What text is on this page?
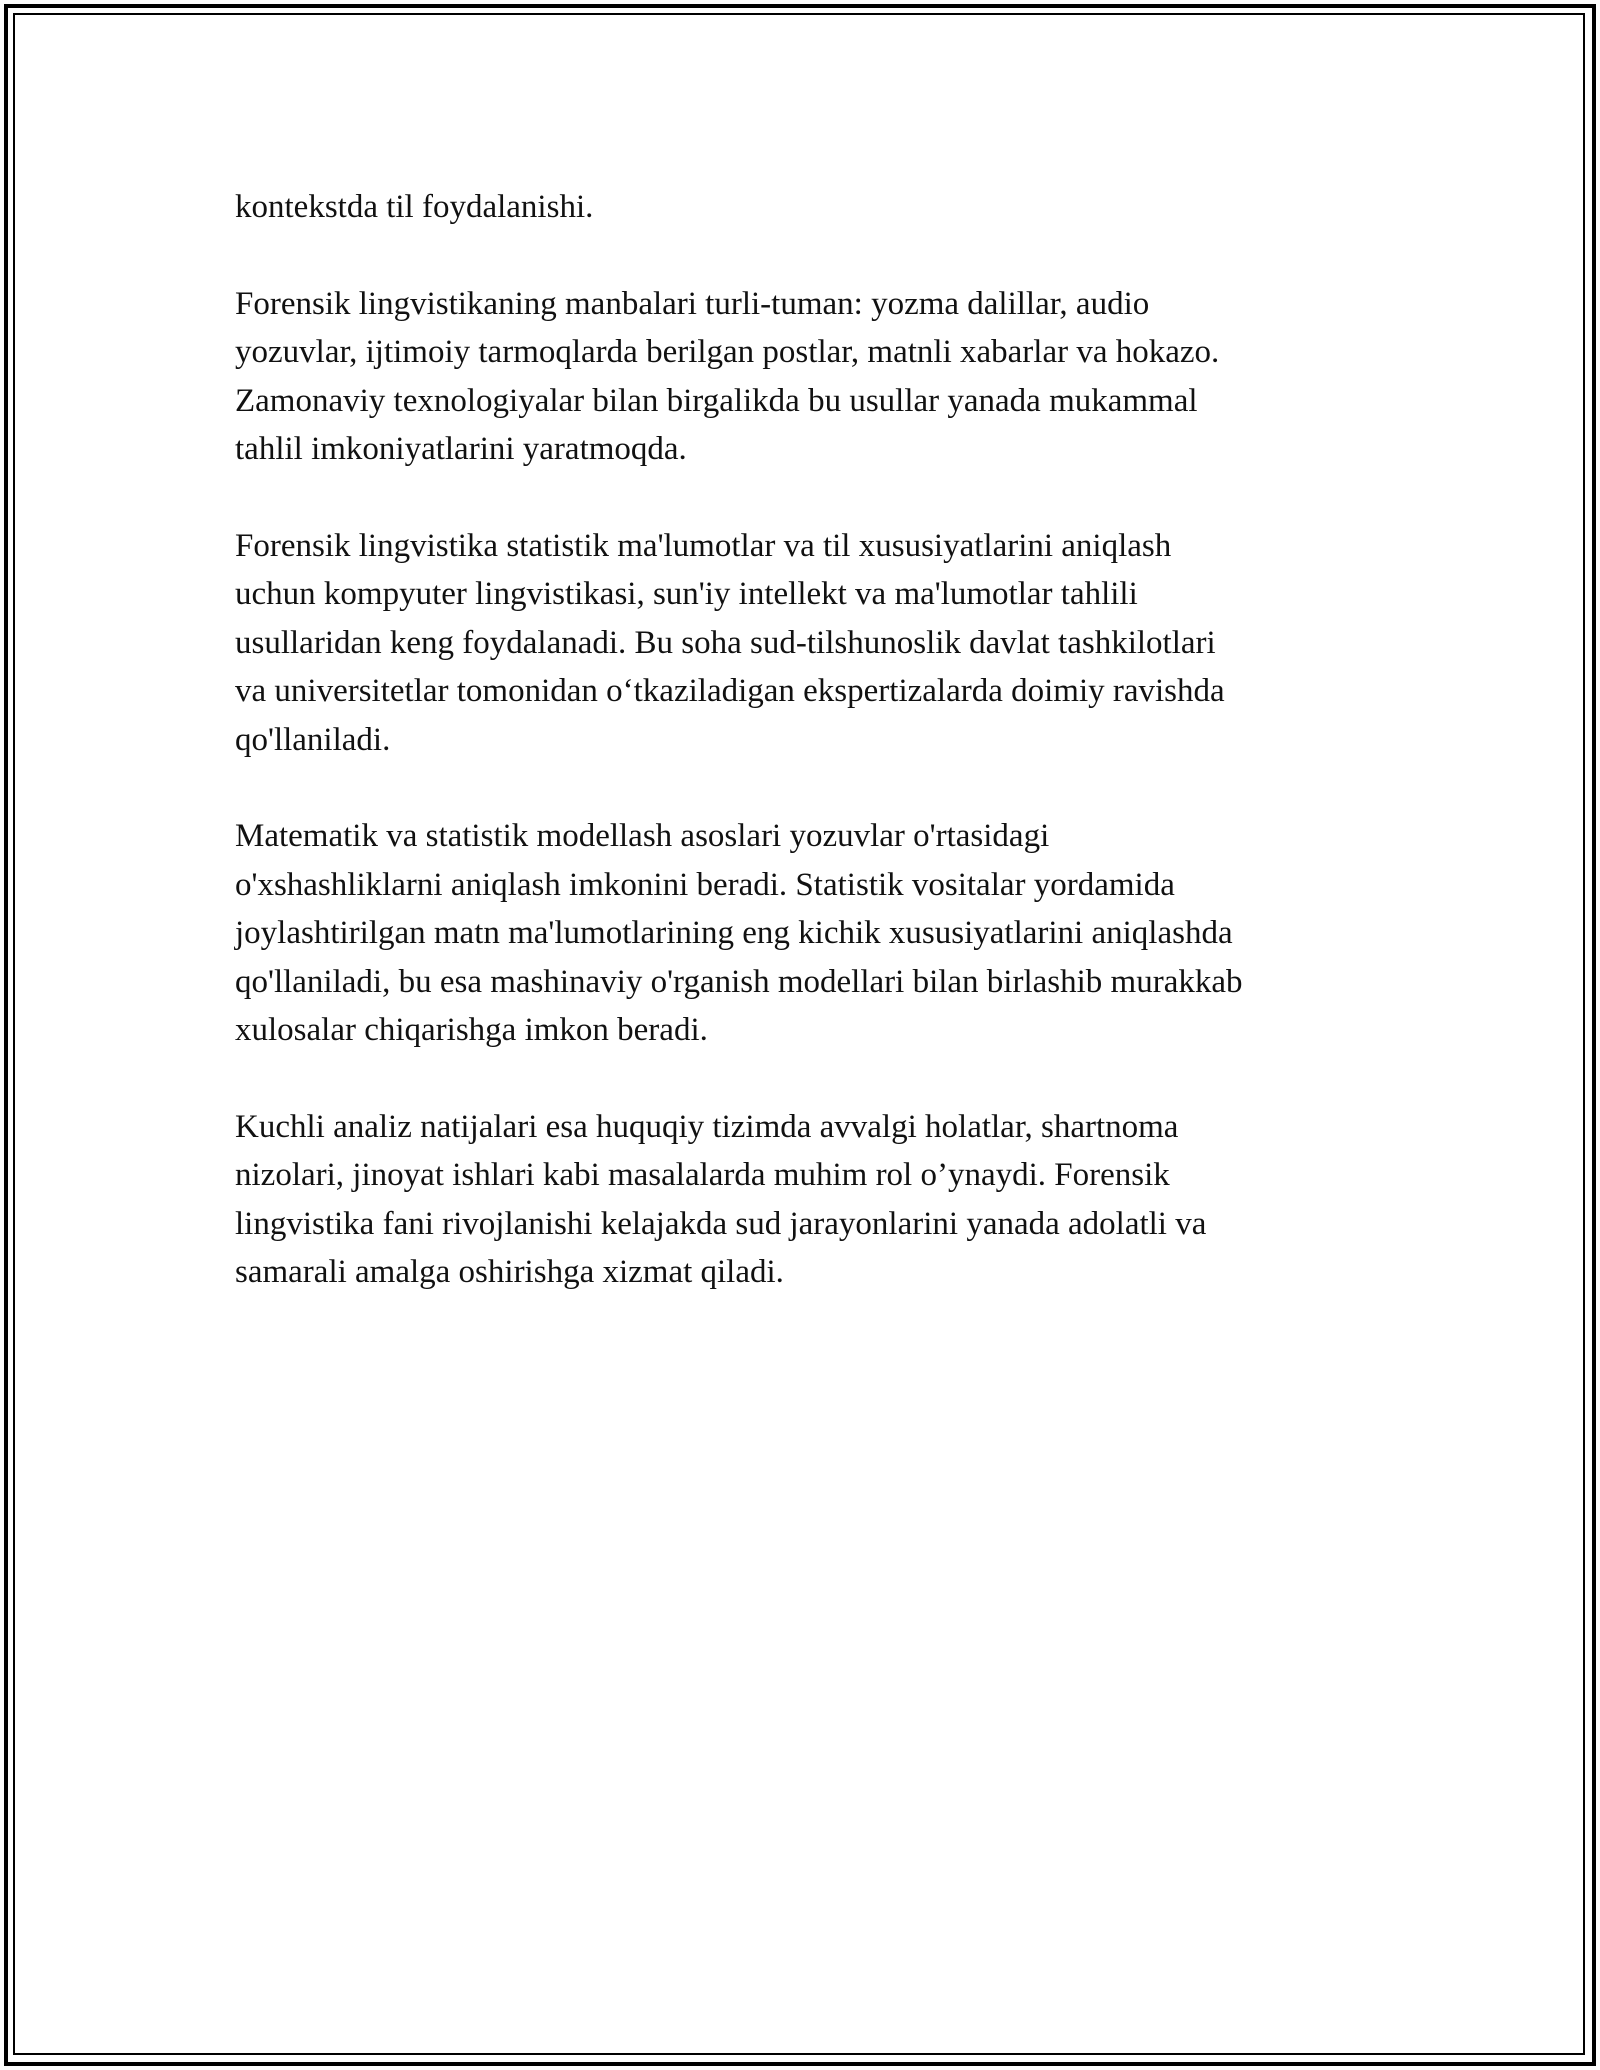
kontekstda til foydalanishi.

Forensik lingvistikaning manbalari turli-tuman: yozma dalillar, audio
yozuvlar, ijtimoiy tarmoqlarda berilgan postlar, matnli xabarlar va hokazo.
Zamonaviy texnologiyalar bilan birgalikda bu usullar yanada mukammal
tahlil imkoniyatlarini yaratmoqda.

Forensik lingvistika statistik ma'lumotlar va til xususiyatlarini aniqlash
uchun kompyuter lingvistikasi, sun'iy intellekt va ma'lumotlar tahlili
usullaridan keng foydalanadi. Bu soha sud-tilshunoslik davlat tashkilotlari
va universitetlar tomonidan o‘tkaziladigan ekspertizalarda doimiy ravishda
qo'llaniladi.

Matematik va statistik modellash asoslari yozuvlar o'rtasidagi
o'xshashliklarni aniqlash imkonini beradi. Statistik vositalar yordamida
joylashtirilgan matn ma'lumotlarining eng kichik xususiyatlarini aniqlashda
qo'llaniladi, bu esa mashinaviy o'rganish modellari bilan birlashib murakkab
xulosalar chiqarishga imkon beradi.

Kuchli analiz natijalari esa huquqiy tizimda avvalgi holatlar, shartnoma
nizolari, jinoyat ishlari kabi masalalarda muhim rol o’ynaydi. Forensik
lingvistika fani rivojlanishi kelajakda sud jarayonlarini yanada adolatli va
samarali amalga oshirishga xizmat qiladi.
